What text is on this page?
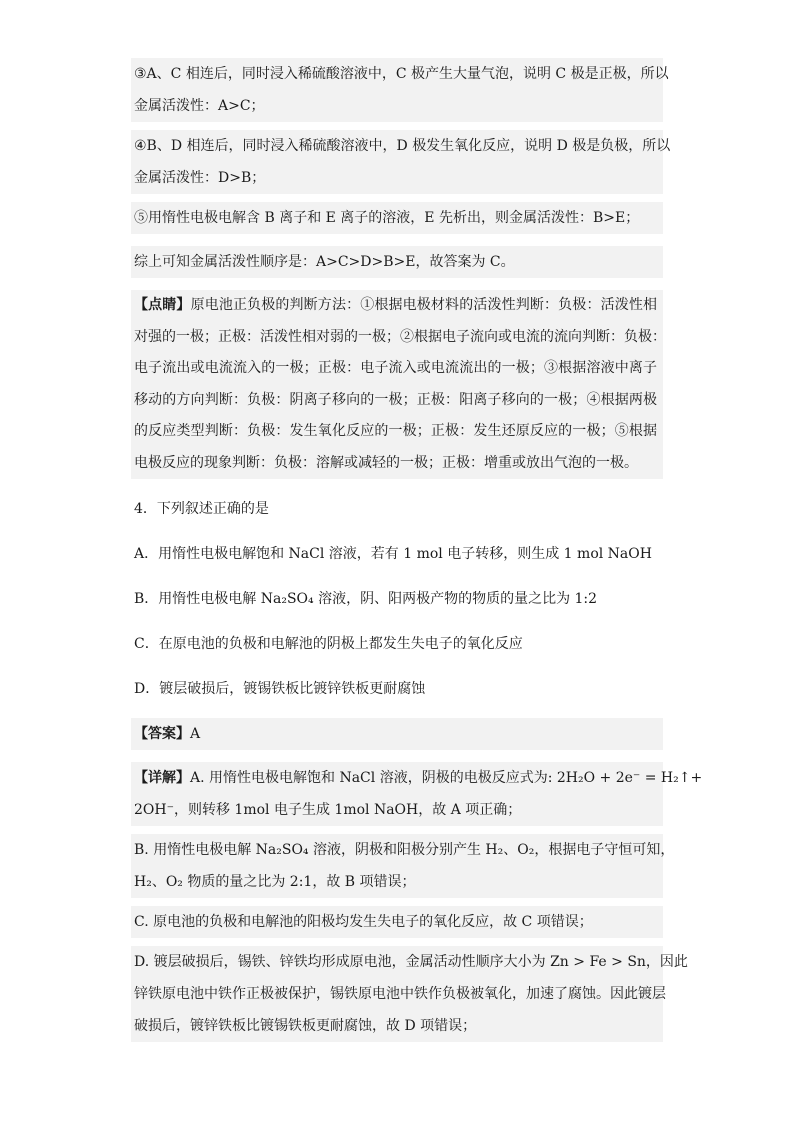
③A、C 相连后，同时浸入稀硫酸溶液中，C 极产生大量气泡，说明 C 极是正极，所以
金属活泼性：A>C；
④B、D 相连后，同时浸入稀硫酸溶液中，D 极发生氧化反应，说明 D 极是负极，所以
金属活泼性：D>B；
⑤用惰性电极电解含 B 离子和 E 离子的溶液，E 先析出，则金属活泼性：B>E；
综上可知金属活泼性顺序是：A>C>D>B>E，故答案为 C。
【点睛】原电池正负极的判断方法：①根据电极材料的活泼性判断：负极：活泼性相
对强的一极；正极：活泼性相对弱的一极；②根据电子流向或电流的流向判断：负极：
电子流出或电流流入的一极；正极：电子流入或电流流出的一极；③根据溶液中离子
移动的方向判断：负极：阴离子移向的一极；正极：阳离子移向的一极；④根据两极
的反应类型判断：负极：发生氧化反应的一极；正极：发生还原反应的一极；⑤根据
电极反应的现象判断：负极：溶解或减轻的一极；正极：增重或放出气泡的一极。
4．下列叙述正确的是
A．用惰性电极电解饱和 NaCl 溶液，若有 1 mol 电子转移，则生成 1 mol NaOH
B．用惰性电极电解 Na₂SO₄ 溶液，阴、阳两极产物的物质的量之比为 1:2
C．在原电池的负极和电解池的阴极上都发生失电子的氧化反应
D．镀层破损后，镀锡铁板比镀锌铁板更耐腐蚀
【答案】A
【详解】A. 用惰性电极电解饱和 NaCl 溶液，阴极的电极反应式为: 2H₂O + 2e⁻ = H₂↑+
2OH⁻，则转移 1mol 电子生成 1mol NaOH，故 A 项正确；
B. 用惰性电极电解 Na₂SO₄ 溶液，阴极和阳极分别产生 H₂、O₂，根据电子守恒可知，
H₂、O₂ 物质的量之比为 2:1，故 B 项错误；
C. 原电池的负极和电解池的阳极均发生失电子的氧化反应，故 C 项错误；
D. 镀层破损后，锡铁、锌铁均形成原电池，金属活动性顺序大小为 Zn > Fe > Sn，因此
锌铁原电池中铁作正极被保护，锡铁原电池中铁作负极被氧化，加速了腐蚀。因此镀层
破损后，镀锌铁板比镀锡铁板更耐腐蚀，故 D 项错误；
